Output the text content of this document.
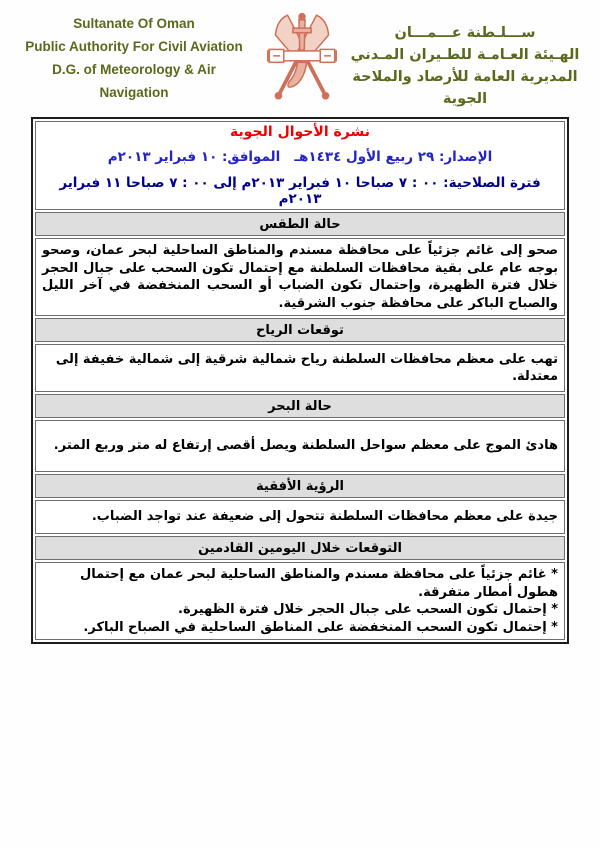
Sultanate Of Oman
Public Authority For Civil Aviation
D.G. of Meteorology & Air
Navigation
ســـلـطنة عـــمـــان
الهـيئة العـامـة للطـيران المـدني
المديرية العامة للأرصاد والملاحة الجوية
نشرة الأحوال الجوية
الإصدار: ٢٩ ربيع الأول ١٤٣٤هـ   الموافق: ١٠ فبراير ٢٠١٣م
فترة الصلاحية: ٠٠ : ٧ صباحا ١٠ فبراير ٢٠١٣م إلى ٠٠ : ٧ صباحا ١١ فبراير ٢٠١٣م

حالة الطقس
صحو إلى غائم جزئياً على محافظة مسندم والمناطق الساحلية لبحر عمان، وصحو بوجه عام على بقية محافظات السلطنة مع إحتمال تكون السحب على جبال الحجر خلال فترة الظهيرة، وإحتمال تكون الضباب أو السحب المنخفضة في آخر الليل والصباح الباكر على محافظة جنوب الشرقية.
توقعات الرياح
تهب على معظم محافظات السلطنة رياح شمالية شرقية إلى شمالية خفيفة إلى معتدلة.
حالة البحر
هادئ الموج على معظم سواحل السلطنة ويصل أقصى إرتفاع له متر وربع المتر.
الرؤية الأفقية
جيدة على معظم محافظات السلطنة تتحول إلى ضعيفة عند تواجد الضباب.
التوقعات خلال اليومين القادمين

* غائم جزئياً على محافظة مسندم والمناطق الساحلية لبحر عمان مع إحتمال هطول أمطار متفرقة.
* إحتمال تكون السحب على جبال الحجر خلال فترة الظهيرة.
* إحتمال تكون السحب المنخفضة على المناطق الساحلية في الصباح الباكر.
